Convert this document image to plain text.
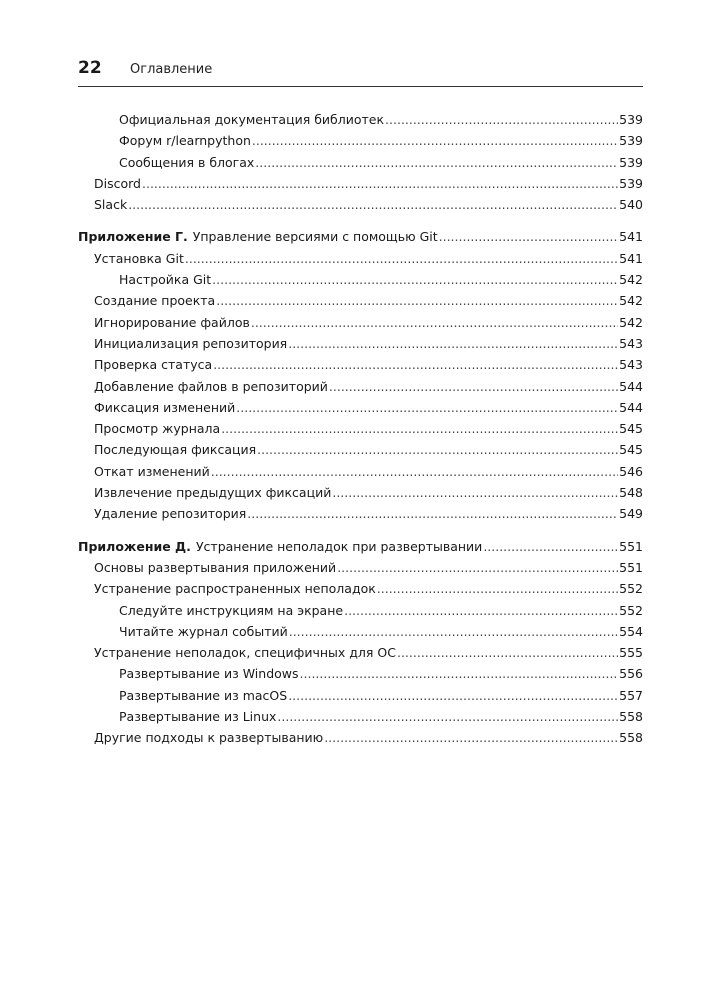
22	Оглавление
Официальная документация библиотек .....	539
Форум r/learnpython .....	539
Сообщения в блогах .....	539
Discord .....	539
Slack .....	540
Приложение Г. Управление версиями с помощью Git .....	541
Установка Git .....	541
Настройка Git .....	542
Создание проекта .....	542
Игнорирование файлов .....	542
Инициализация репозитория .....	543
Проверка статуса .....	543
Добавление файлов в репозиторий .....	544
Фиксация изменений .....	544
Просмотр журнала .....	545
Последующая фиксация .....	545
Откат изменений .....	546
Извлечение предыдущих фиксаций .....	548
Удаление репозитория .....	549
Приложение Д. Устранение неполадок при развертывании .....	551
Основы развертывания приложений .....	551
Устранение распространенных неполадок .....	552
Следуйте инструкциям на экране .....	552
Читайте журнал событий .....	554
Устранение неполадок, специфичных для ОС .....	555
Развертывание из Windows .....	556
Развертывание из macOS .....	557
Развертывание из Linux .....	558
Другие подходы к развертыванию .....	558
